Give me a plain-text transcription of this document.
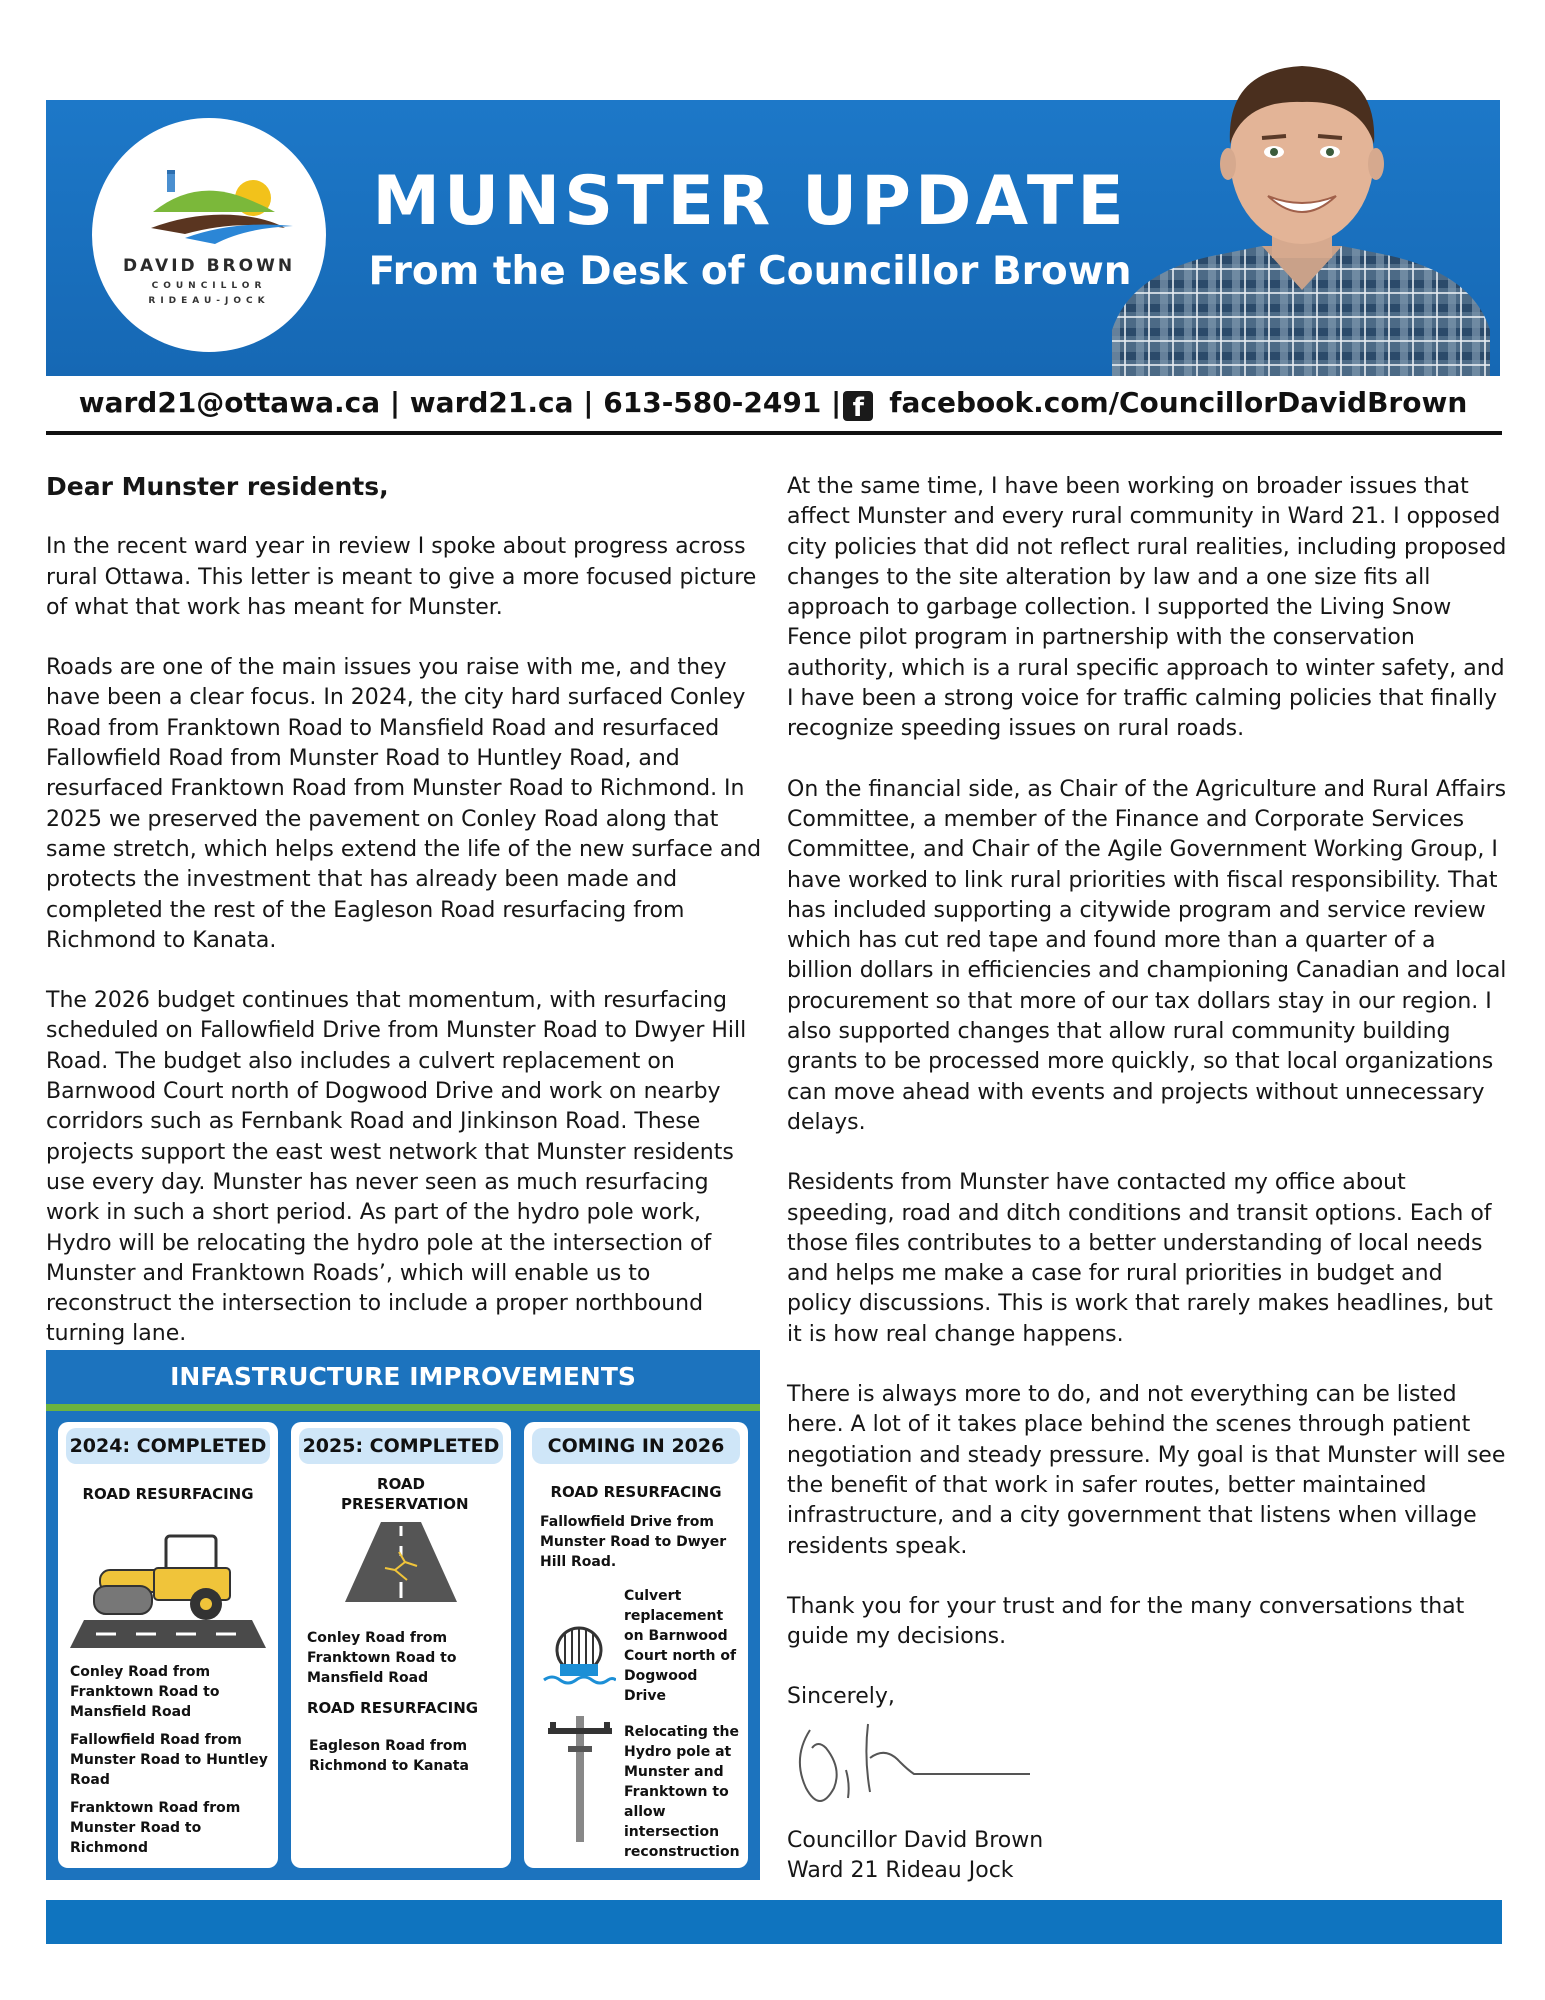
DAVID BROWN
COUNCILLOR
RIDEAU-JOCK
MUNSTER UPDATE
From the Desk of Councillor Brown
ward21@ottawa.ca | ward21.ca | 613-580-2491 | f facebook.com/CouncillorDavidBrown

Dear Munster residents,

In the recent ward year in review I spoke about progress across rural Ottawa. This letter is meant to give a more focused picture of what that work has meant for Munster.

Roads are one of the main issues you raise with me, and they have been a clear focus. In 2024, the city hard surfaced Conley Road from Franktown Road to Mansfield Road and resurfaced Fallowfield Road from Munster Road to Huntley Road, and resurfaced Franktown Road from Munster Road to Richmond. In 2025 we preserved the pavement on Conley Road along that same stretch, which helps extend the life of the new surface and protects the investment that has already been made and completed the rest of the Eagleson Road resurfacing from Richmond to Kanata.

The 2026 budget continues that momentum, with resurfacing scheduled on Fallowfield Drive from Munster Road to Dwyer Hill Road. The budget also includes a culvert replacement on Barnwood Court north of Dogwood Drive and work on nearby corridors such as Fernbank Road and Jinkinson Road. These projects support the east west network that Munster residents use every day. Munster has never seen as much resurfacing work in such a short period. As part of the hydro pole work, Hydro will be relocating the hydro pole at the intersection of Munster and Franktown Roads’, which will enable us to reconstruct the intersection to include a proper northbound turning lane.

At the same time, I have been working on broader issues that affect Munster and every rural community in Ward 21. I opposed city policies that did not reflect rural realities, including proposed changes to the site alteration by law and a one size fits all approach to garbage collection. I supported the Living Snow Fence pilot program in partnership with the conservation authority, which is a rural specific approach to winter safety, and I have been a strong voice for traffic calming policies that finally recognize speeding issues on rural roads.

On the financial side, as Chair of the Agriculture and Rural Affairs Committee, a member of the Finance and Corporate Services Committee, and Chair of the Agile Government Working Group, I have worked to link rural priorities with fiscal responsibility. That has included supporting a citywide program and service review which has cut red tape and found more than a quarter of a billion dollars in efficiencies and championing Canadian and local procurement so that more of our tax dollars stay in our region. I also supported changes that allow rural community building grants to be processed more quickly, so that local organizations can move ahead with events and projects without unnecessary delays.

Residents from Munster have contacted my office about speeding, road and ditch conditions and transit options. Each of those files contributes to a better understanding of local needs and helps me make a case for rural priorities in budget and policy discussions. This is work that rarely makes headlines, but it is how real change happens.

There is always more to do, and not everything can be listed here. A lot of it takes place behind the scenes through patient negotiation and steady pressure. My goal is that Munster will see the benefit of that work in safer routes, better maintained infrastructure, and a city government that listens when village residents speak.

Thank you for your trust and for the many conversations that guide my decisions.

Sincerely,

Councillor David Brown
Ward 21 Rideau Jock
INFASTRUCTURE IMPROVEMENTS
2024: COMPLETED
ROAD RESURFACING
Conley Road from Franktown Road to Mansfield Road
Fallowfield Road from Munster Road to Huntley Road
Franktown Road from Munster Road to Richmond
2025: COMPLETED
ROAD PRESERVATION
Conley Road from Franktown Road to Mansfield Road
ROAD RESURFACING
Eagleson Road from Richmond to Kanata
COMING IN 2026
ROAD RESURFACING
Fallowfield Drive from Munster Road to Dwyer Hill Road.
Culvert replacement on Barnwood Court north of Dogwood Drive
Relocating the Hydro pole at Munster and Franktown to allow intersection reconstruction
